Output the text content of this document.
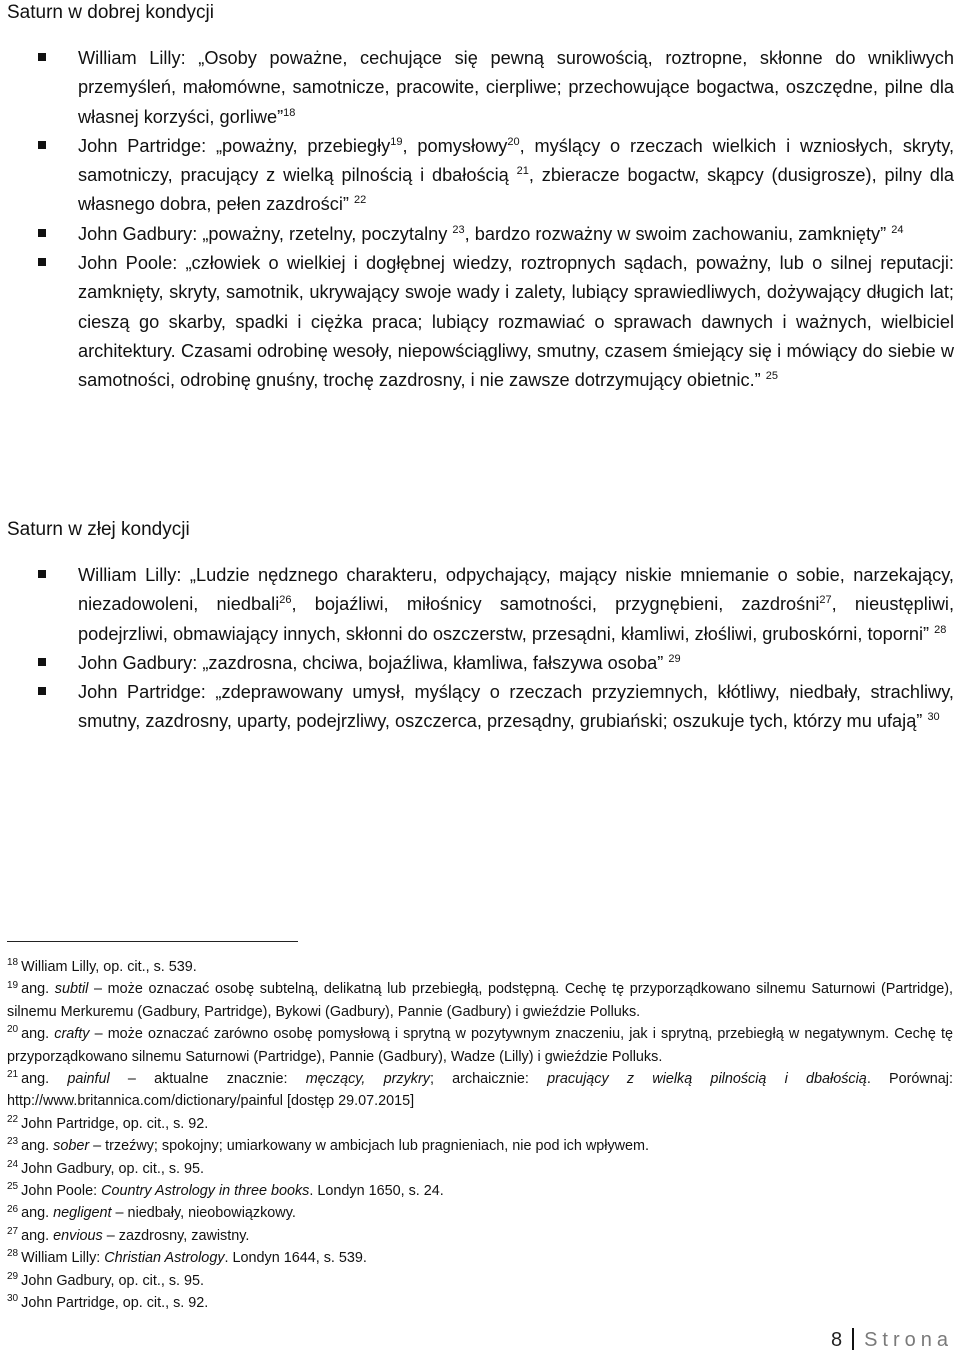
Saturn w dobrej kondycji
William Lilly: „Osoby poważne, cechujące się pewną surowością, roztropne, skłonne do wnikliwych przemyśleń, małomówne, samotnicze, pracowite, cierpliwe; przechowujące bogactwa, oszczędne, pilne dla własnej korzyści, gorliwe”$^{18}$
John Partridge: „poważny, przebiegły$^{19}$, pomysłowy$^{20}$, myślący o rzeczach wielkich i wzniosłych, skryty, samotniczy, pracujący z wielką pilnością i dbałością $^{21}$, zbieracze bogactw, skąpcy (dusigrosze), pilny dla własnego dobra, pełen zazdrości” $^{22}$
John Gadbury: „poważny, rzetelny, poczytalny $^{23}$, bardzo rozważny w swoim zachowaniu, zamknięty” $^{24}$
John Poole: „człowiek o wielkiej i dogłębnej wiedzy, roztropnych sądach, poważny, lub o silnej reputacji: zamknięty, skryty, samotnik, ukrywający swoje wady i zalety, lubiący sprawiedliwych, dożywający długich lat; cieszą go skarby, spadki i ciężka praca; lubiący rozmawiać o sprawach dawnych i ważnych, wielbiciel architektury. Czasami odrobinę wesoły, niepowściągliwy, smutny, czasem śmiejący się i mówiący do siebie w samotności, odrobinę gnuśny, trochę zazdrosny, i nie zawsze dotrzymujący obietnic.” $^{25}$
Saturn w złej kondycji
William Lilly: „Ludzie nędznego charakteru, odpychający, mający niskie mniemanie o sobie, narzekający, niezadowoleni, niedbali$^{26}$, bojaźliwi, miłośnicy samotności, przygnębieni, zazdrośni$^{27}$, nieustępliwi, podejrzliwi, obmawiający innych, skłonni do oszczerstw, przesądni, kłamliwi, złośliwi, gruboskórni, toporni” $^{28}$
John Gadbury: „zazdrosna, chciwa, bojaźliwa, kłamliwa, fałszywa osoba” $^{29}$
John Partridge: „zdeprawowany umysł, myślący o rzeczach przyziemnych, kłótliwy, niedbały, strachliwy, smutny, zazdrosny, uparty, podejrzliwy, oszczerca, przesądny, grubiański; oszukuje tych, którzy mu ufają” $^{30}$

$^{18}$ William Lilly, op. cit., s. 539.

$^{19}$ ang. subtil – może oznaczać osobę subtelną, delikatną lub przebiegłą, podstępną. Cechę tę przyporządkowano silnemu Saturnowi (Partridge), silnemu Merkuremu (Gadbury, Partridge), Bykowi (Gadbury), Pannie (Gadbury) i gwieździe Polluks.

$^{20}$ ang. crafty – może oznaczać zarówno osobę pomysłową i sprytną w pozytywnym znaczeniu, jak i sprytną, przebiegłą w negatywnym. Cechę tę przyporządkowano silnemu Saturnowi (Partridge), Pannie (Gadbury), Wadze (Lilly) i gwieździe Polluks.

$^{21}$ ang. painful – aktualne znacznie: męczący, przykry; archaicznie: pracujący z wielką pilnością i dbałością. Porównaj: http://www.britannica.com/dictionary/painful [dostęp 29.07.2015]

$^{22}$ John Partridge, op. cit., s. 92.

$^{23}$ ang. sober – trzeźwy; spokojny; umiarkowany w ambicjach lub pragnieniach, nie pod ich wpływem.

$^{24}$ John Gadbury, op. cit., s. 95.

$^{25}$ John Poole: Country Astrology in three books. Londyn 1650, s. 24.

$^{26}$ ang. negligent – niedbały, nieobowiązkowy.

$^{27}$ ang. envious – zazdrosny, zawistny.

$^{28}$ William Lilly: Christian Astrology. Londyn 1644, s. 539.

$^{29}$ John Gadbury, op. cit., s. 95.

$^{30}$ John Partridge, op. cit., s. 92.

8 Strona
